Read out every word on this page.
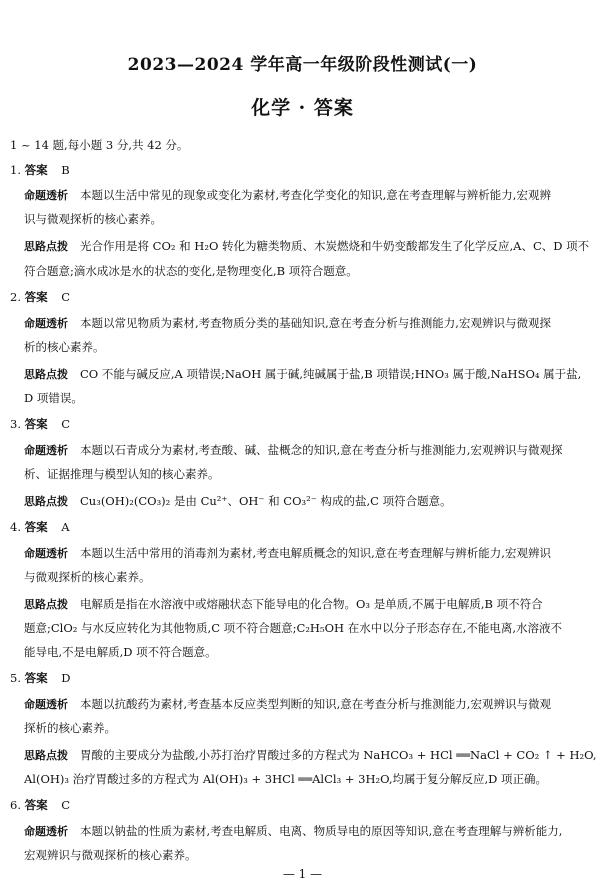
2023—2024 学年高一年级阶段性测试(一)
化学 · 答案
1 ~ 14 题,每小题 3 分,共 42 分。
1. 答案 B
命题透析 本题以生活中常见的现象或变化为素材,考查化学变化的知识,意在考查理解与辨析能力,宏观辨
识与微观探析的核心素养。
思路点拨 光合作用是将 CO₂ 和 H₂O 转化为糖类物质、木炭燃烧和牛奶变酸都发生了化学反应,A、C、D 项不
符合题意;滴水成冰是水的状态的变化,是物理变化,B 项符合题意。
2. 答案 C
命题透析 本题以常见物质为素材,考查物质分类的基础知识,意在考查分析与推测能力,宏观辨识与微观探
析的核心素养。
思路点拨 CO 不能与碱反应,A 项错误;NaOH 属于碱,纯碱属于盐,B 项错误;HNO₃ 属于酸,NaHSO₄ 属于盐,
D 项错误。
3. 答案 C
命题透析 本题以石青成分为素材,考查酸、碱、盐概念的知识,意在考查分析与推测能力,宏观辨识与微观探
析、证据推理与模型认知的核心素养。
思路点拨 Cu₃(OH)₂(CO₃)₂ 是由 Cu²⁺、OH⁻ 和 CO₃²⁻ 构成的盐,C 项符合题意。
4. 答案 A
命题透析 本题以生活中常用的消毒剂为素材,考查电解质概念的知识,意在考查理解与辨析能力,宏观辨识
与微观探析的核心素养。
思路点拨 电解质是指在水溶液中或熔融状态下能导电的化合物。O₃ 是单质,不属于电解质,B 项不符合
题意;ClO₂ 与水反应转化为其他物质,C 项不符合题意;C₂H₅OH 在水中以分子形态存在,不能电离,水溶液不
能导电,不是电解质,D 项不符合题意。
5. 答案 D
命题透析 本题以抗酸药为素材,考查基本反应类型判断的知识,意在考查分析与推测能力,宏观辨识与微观
探析的核心素养。
思路点拨 胃酸的主要成分为盐酸,小苏打治疗胃酸过多的方程式为 NaHCO₃ + HCl ══NaCl + CO₂ ↑ + H₂O,
Al(OH)₃ 治疗胃酸过多的方程式为 Al(OH)₃ + 3HCl ══AlCl₃ + 3H₂O,均属于复分解反应,D 项正确。
6. 答案 C
命题透析 本题以钠盐的性质为素材,考查电解质、电离、物质导电的原因等知识,意在考查理解与辨析能力,
宏观辨识与微观探析的核心素养。
— 1 —
